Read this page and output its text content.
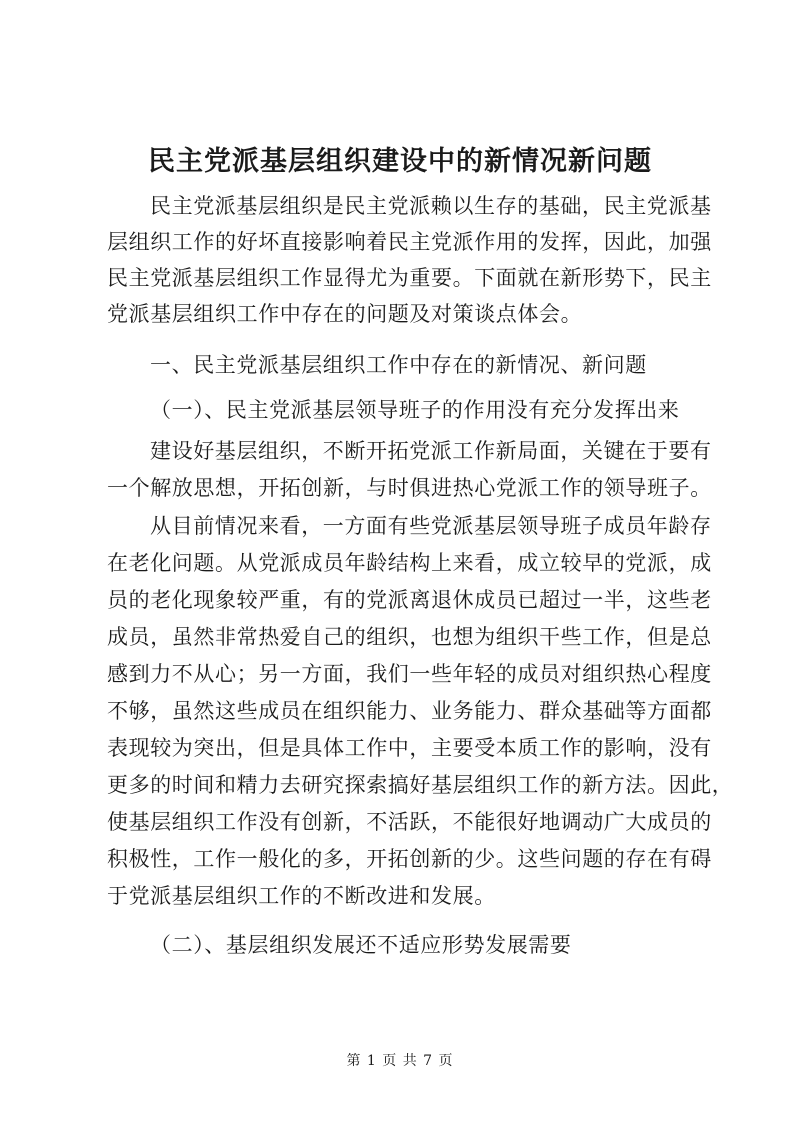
民主党派基层组织建设中的新情况新问题
民主党派基层组织是民主党派赖以生存的基础，民主党派基
层组织工作的好坏直接影响着民主党派作用的发挥，因此，加强
民主党派基层组织工作显得尤为重要。下面就在新形势下，民主
党派基层组织工作中存在的问题及对策谈点体会。
一、民主党派基层组织工作中存在的新情况、新问题
（一）、民主党派基层领导班子的作用没有充分发挥出来
建设好基层组织，不断开拓党派工作新局面，关键在于要有
一个解放思想，开拓创新，与时俱进热心党派工作的领导班子。
从目前情况来看，一方面有些党派基层领导班子成员年龄存
在老化问题。从党派成员年龄结构上来看，成立较早的党派，成
员的老化现象较严重，有的党派离退休成员已超过一半，这些老
成员，虽然非常热爱自己的组织，也想为组织干些工作，但是总
感到力不从心；另一方面，我们一些年轻的成员对组织热心程度
不够，虽然这些成员在组织能力、业务能力、群众基础等方面都
表现较为突出，但是具体工作中，主要受本质工作的影响，没有
更多的时间和精力去研究探索搞好基层组织工作的新方法。因此，
使基层组织工作没有创新，不活跃，不能很好地调动广大成员的
积极性，工作一般化的多，开拓创新的少。这些问题的存在有碍
于党派基层组织工作的不断改进和发展。
（二）、基层组织发展还不适应形势发展需要
第 1 页 共 7 页
